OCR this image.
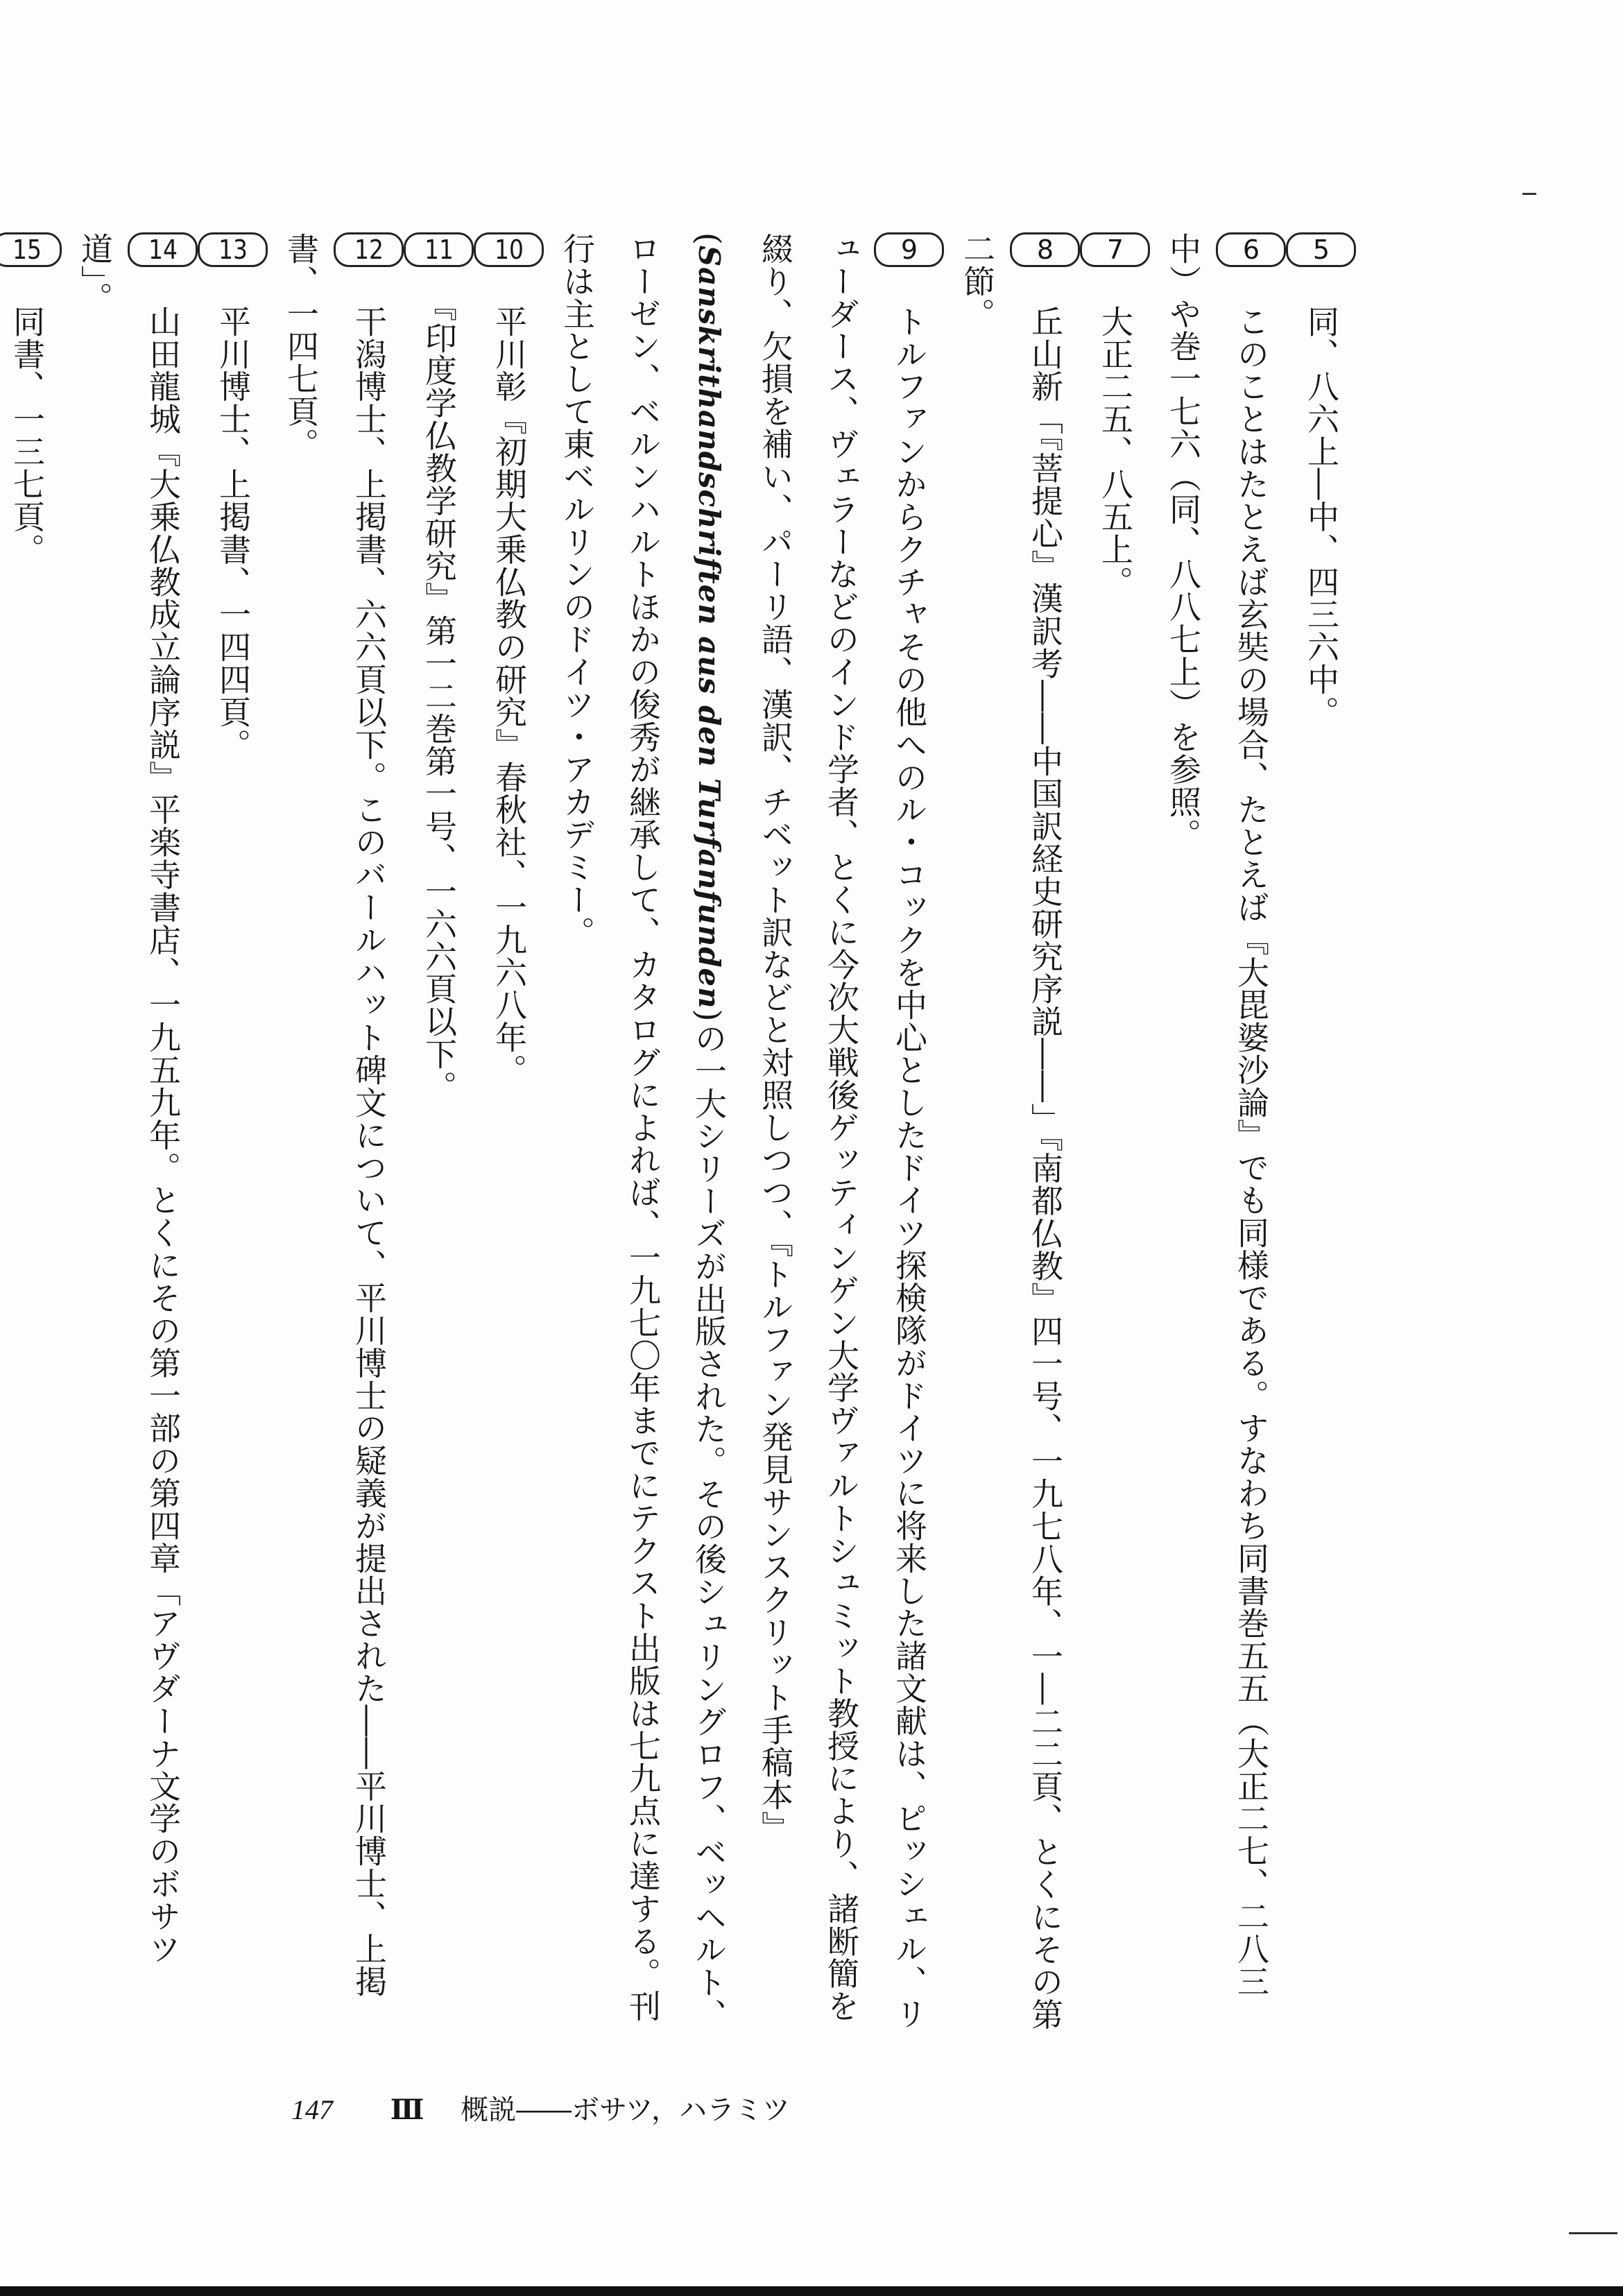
5　同、八六上―中、四三六中。

6　このことはたとえば玄奘の場合、たとえば『大毘婆沙論』でも同様である。すなわち同書巻五五（大正二七、二八三中）や巻一七六（同、八八七上）を参照。

7　大正二五、八五上。

8　丘山新「『菩提心』漢訳考――中国訳経史研究序説――」『南都仏教』四一号、一九七八年、一―二二頁、とくにその第二節。

9　トルファンからクチャその他へのル・コックを中心としたドイツ探検隊がドイツに将来した諸文献は、ピッシェル、リューダース、ヴェラーなどのインド学者、とくに今次大戦後ゲッティンゲン大学ヴァルトシュミット教授により、諸断簡を綴り、欠損を補い、パーリ語、漢訳、チベット訳などと対照しつつ、『トルファン発見サンスクリット手稿本』(Sanskrithandschriften aus den Turfanfunden)の一大シリーズが出版された。その後シュリングロフ、ベッヘルト、ローゼン、ベルンハルトほかの俊秀が継承して、カタログによれば、一九七〇年までにテクスト出版は七九点に達する。刊行は主として東ベルリンのドイツ・アカデミー。

10　平川彰『初期大乗仏教の研究』春秋社、一九六八年。

11　『印度学仏教学研究』第一二巻第一号、一六六頁以下。

12　干潟博士、上掲書、六六頁以下。このバールハット碑文について、平川博士の疑義が提出された――平川博士、上掲書、一四七頁。

13　平川博士、上掲書、一四四頁。

14　山田龍城『大乗仏教成立論序説』平楽寺書店、一九五九年。とくにその第一部の第四章「アヴダーナ文学のボサツ道」。

15　同書、一三七頁。

147 Ⅲ 概説――ボサツ，ハラミツ
